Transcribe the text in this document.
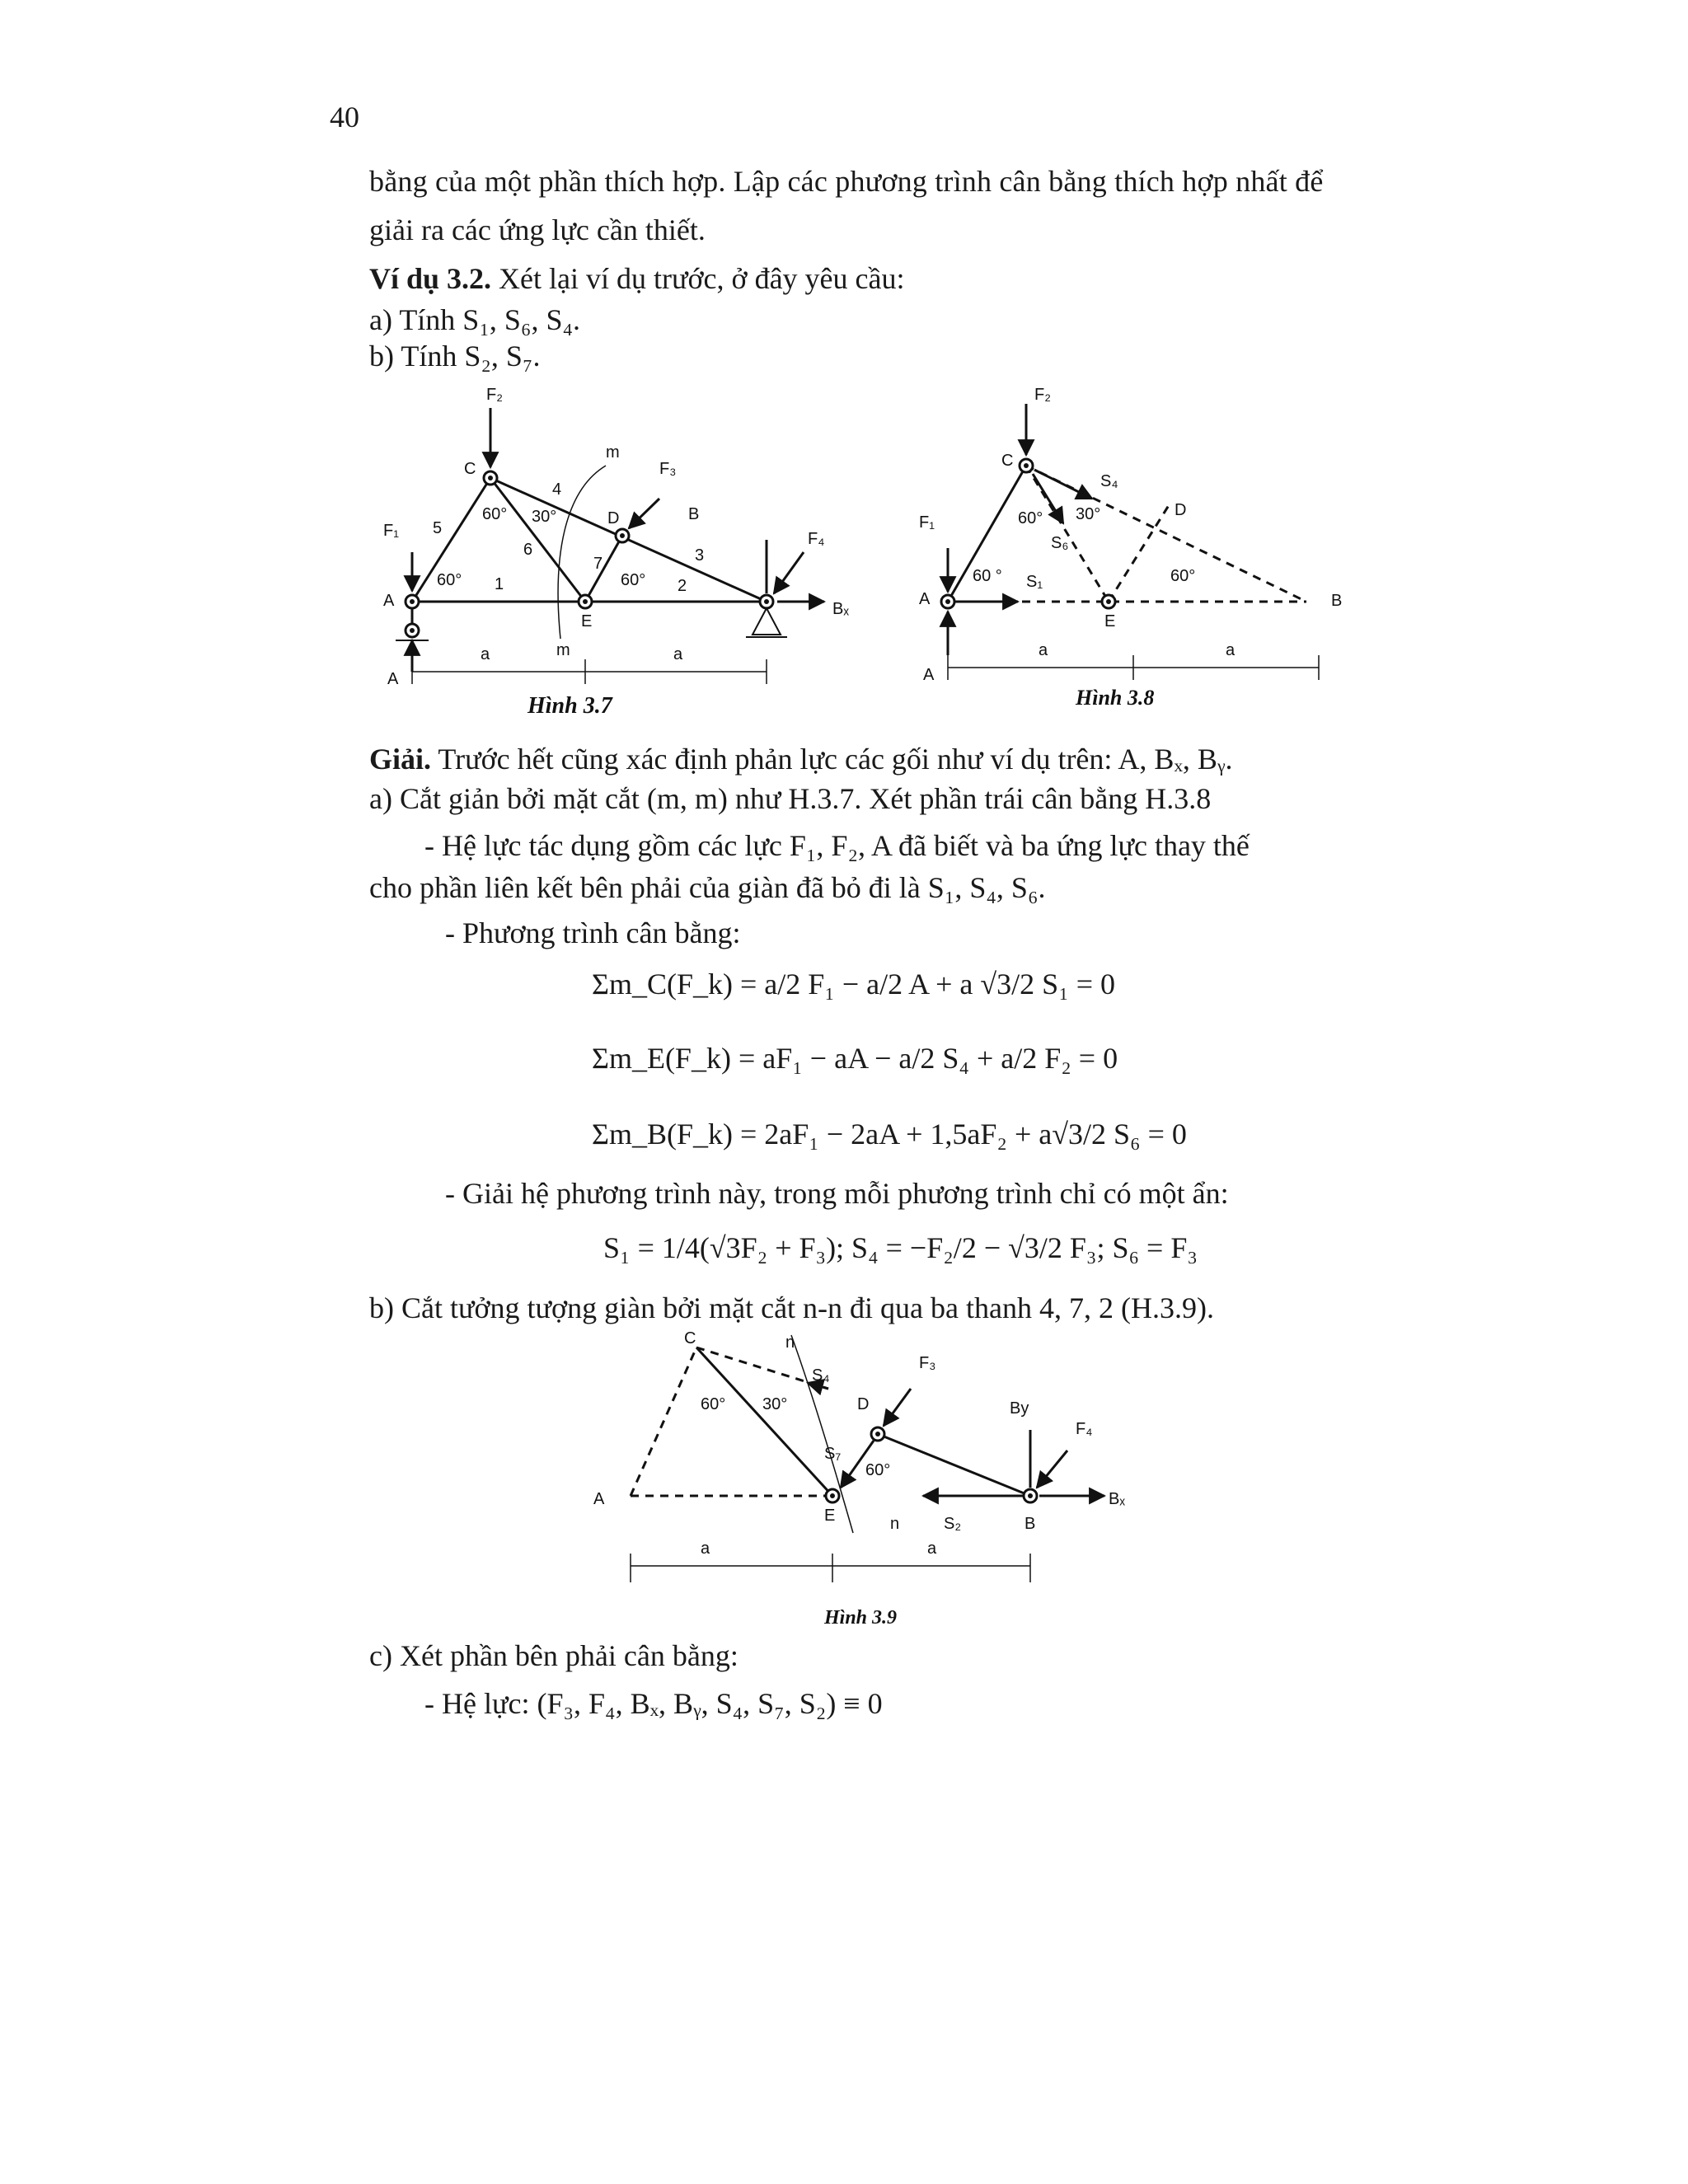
40
bằng của một phần thích hợp. Lập các phương trình cân bằng thích hợp nhất để
giải ra các ứng lực cần thiết.
Ví dụ 3.2. Xét lại ví dụ trước, ở đây yêu cầu:
a) Tính S₁, S₆, S₄.
b) Tính S₂, S₇.
F₂
C
m
F₃
4
60° 30°	D	B
F₁ 5
6	3
F₄
60° 1
7
60° 2
A	Bₓ
E
m
a	a
A
Hình 3.7
F₂
C
S₄
60° 30°	D
S₆
F₁
60 ° S₁	60°
A
E
B
a	a
A
Hình 3.8
Giải. Trước hết cũng xác định phản lực các gối như ví dụ trên: A, Bₓ, Bᵧ.
a) Cắt giản bởi mặt cắt (m, m) như H.3.7. Xét phần trái cân bằng H.3.8
- Hệ lực tác dụng gồm các lực F₁, F₂, A đã biết và ba ứng lực thay thế
cho phần liên kết bên phải của giàn đã bỏ đi là S₁, S₄, S₆.
- Phương trình cân bằng:
Σm_C(F_k) = a/2 F₁ − a/2 A + a √3/2 S₁ = 0
Σm_E(F_k) = aF₁ − aA − a/2 S₄ + a/2 F₂ = 0
Σm_B(F_k) = 2aF₁ − 2aA + 1,5aF₂ + a√3/2 S₆ = 0
- Giải hệ phương trình này, trong mỗi phương trình chỉ có một ẩn:
S₁ = 1/4(√3F₂ + F₃); S₄ = −F₂/2 − √3/2 F₃; S₆ = F₃
b) Cắt tưởng tượng giàn bởi mặt cắt n-n đi qua ba thanh 4, 7, 2 (H.3.9).
C	n
F₃
S₄
60° 30°	D	By
F₄
S₇
60°
A	Bₓ
E	n	S₂	B
a	a
Hình 3.9
c) Xét phần bên phải cân bằng:
- Hệ lực: (F₃, F₄, Bₓ, Bᵧ, S₄, S₇, S₂) ≡ 0
